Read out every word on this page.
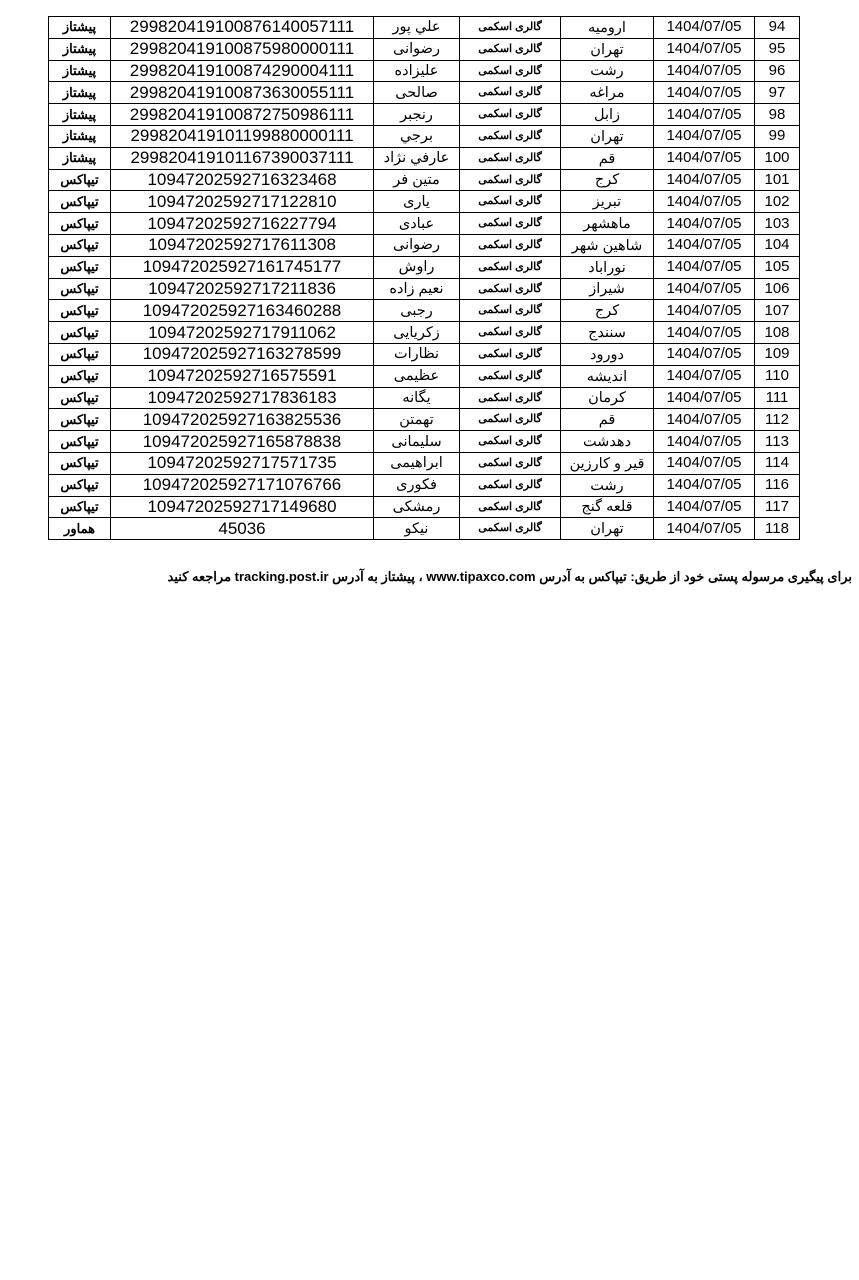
پیشتاز	299820419100876140057111	علي پور	گالری اسکمی	ارومیه	1404/07/05	94
پیشتاز	299820419100875980000111	رضوانی	گالری اسکمی	تهران	1404/07/05	95
پیشتاز	299820419100874290004111	علیزاده	گالری اسکمی	رشت	1404/07/05	96
پیشتاز	299820419100873630055111	صالحی	گالری اسکمی	مراغه	1404/07/05	97
پیشتاز	299820419100872750986111	رنجبر	گالری اسکمی	زابل	1404/07/05	98
پیشتاز	299820419101199880000111	برجي	گالری اسکمی	تهران	1404/07/05	99
پیشتاز	299820419101167390037111	عارفي نژاد	گالری اسکمی	قم	1404/07/05	100
تیپاکس	10947202592716323468	متین فر	گالری اسکمی	کرج	1404/07/05	101
تیپاکس	10947202592717122810	یاری	گالری اسکمی	تبریز	1404/07/05	102
تیپاکس	10947202592716227794	عبادی	گالری اسکمی	ماهشهر	1404/07/05	103
تیپاکس	10947202592717611308	رضوانی	گالری اسکمی	شاهین شهر	1404/07/05	104
تیپاکس	109472025927161745177	راوش	گالری اسکمی	نوراباد	1404/07/05	105
تیپاکس	10947202592717211836	نعیم زاده	گالری اسکمی	شیراز	1404/07/05	106
تیپاکس	109472025927163460288	رجبی	گالری اسکمی	کرج	1404/07/05	107
تیپاکس	10947202592717911062	زکریایی	گالری اسکمی	سنندج	1404/07/05	108
تیپاکس	109472025927163278599	نظارات	گالری اسکمی	دورود	1404/07/05	109
تیپاکس	10947202592716575591	عظیمی	گالری اسکمی	اندیشه	1404/07/05	110
تیپاکس	10947202592717836183	یگانه	گالری اسکمی	کرمان	1404/07/05	111
تیپاکس	109472025927163825536	تهمتن	گالری اسکمی	قم	1404/07/05	112
تیپاکس	109472025927165878838	سلیمانی	گالری اسکمی	دهدشت	1404/07/05	113
تیپاکس	10947202592717571735	ابراهیمی	گالری اسکمی	قیر و کارزین	1404/07/05	114
تیپاکس	109472025927171076766	فکوری	گالری اسکمی	رشت	1404/07/05	116
تیپاکس	10947202592717149680	رمشکی	گالری اسکمی	قلعه گنج	1404/07/05	117
هماور	45036	نیکو	گالری اسکمی	تهران	1404/07/05	118
برای پیگیری مرسوله پستی خود از طریق: تیپاکس به آدرس www.tipaxco.com ، پیشتاز به آدرس tracking.post.ir مراجعه کنید
